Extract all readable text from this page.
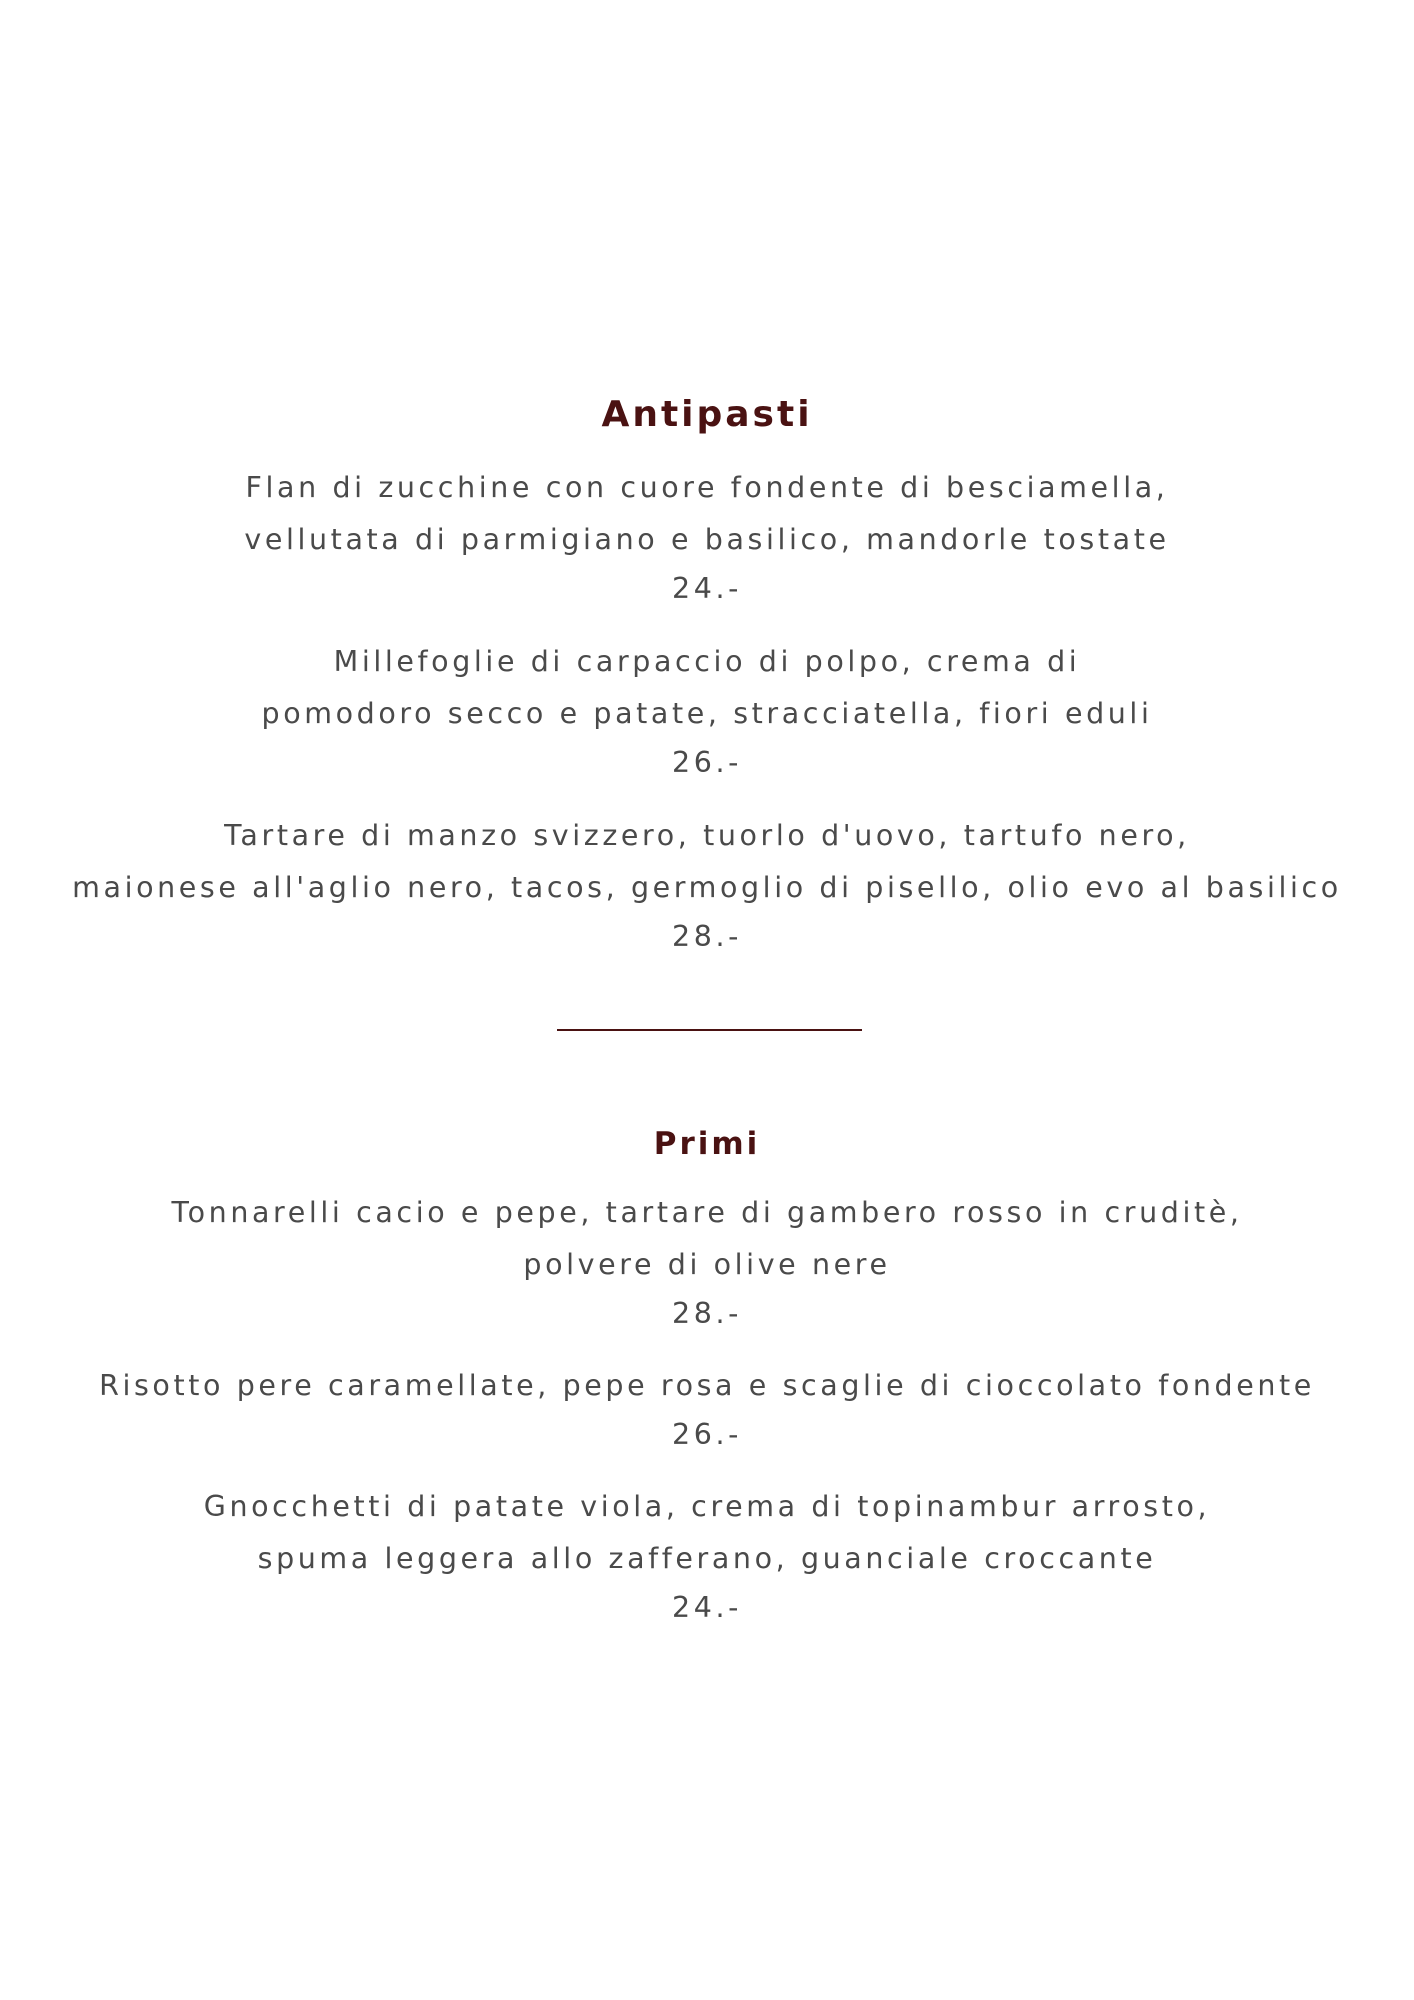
Antipasti
Flan di zucchine con cuore fondente di besciamella,
vellutata di parmigiano e basilico, mandorle tostate
24.-
Millefoglie di carpaccio di polpo, crema di
pomodoro secco e patate, stracciatella, fiori eduli
26.-
Tartare di manzo svizzero, tuorlo d'uovo, tartufo nero,
maionese all'aglio nero, tacos, germoglio di pisello, olio evo al basilico
28.-
Primi
Tonnarelli cacio e pepe, tartare di gambero rosso in cruditè,
polvere di olive nere
28.-
Risotto pere caramellate, pepe rosa e scaglie di cioccolato fondente
26.-
Gnocchetti di patate viola, crema di topinambur arrosto,
spuma leggera allo zafferano, guanciale croccante
24.-
